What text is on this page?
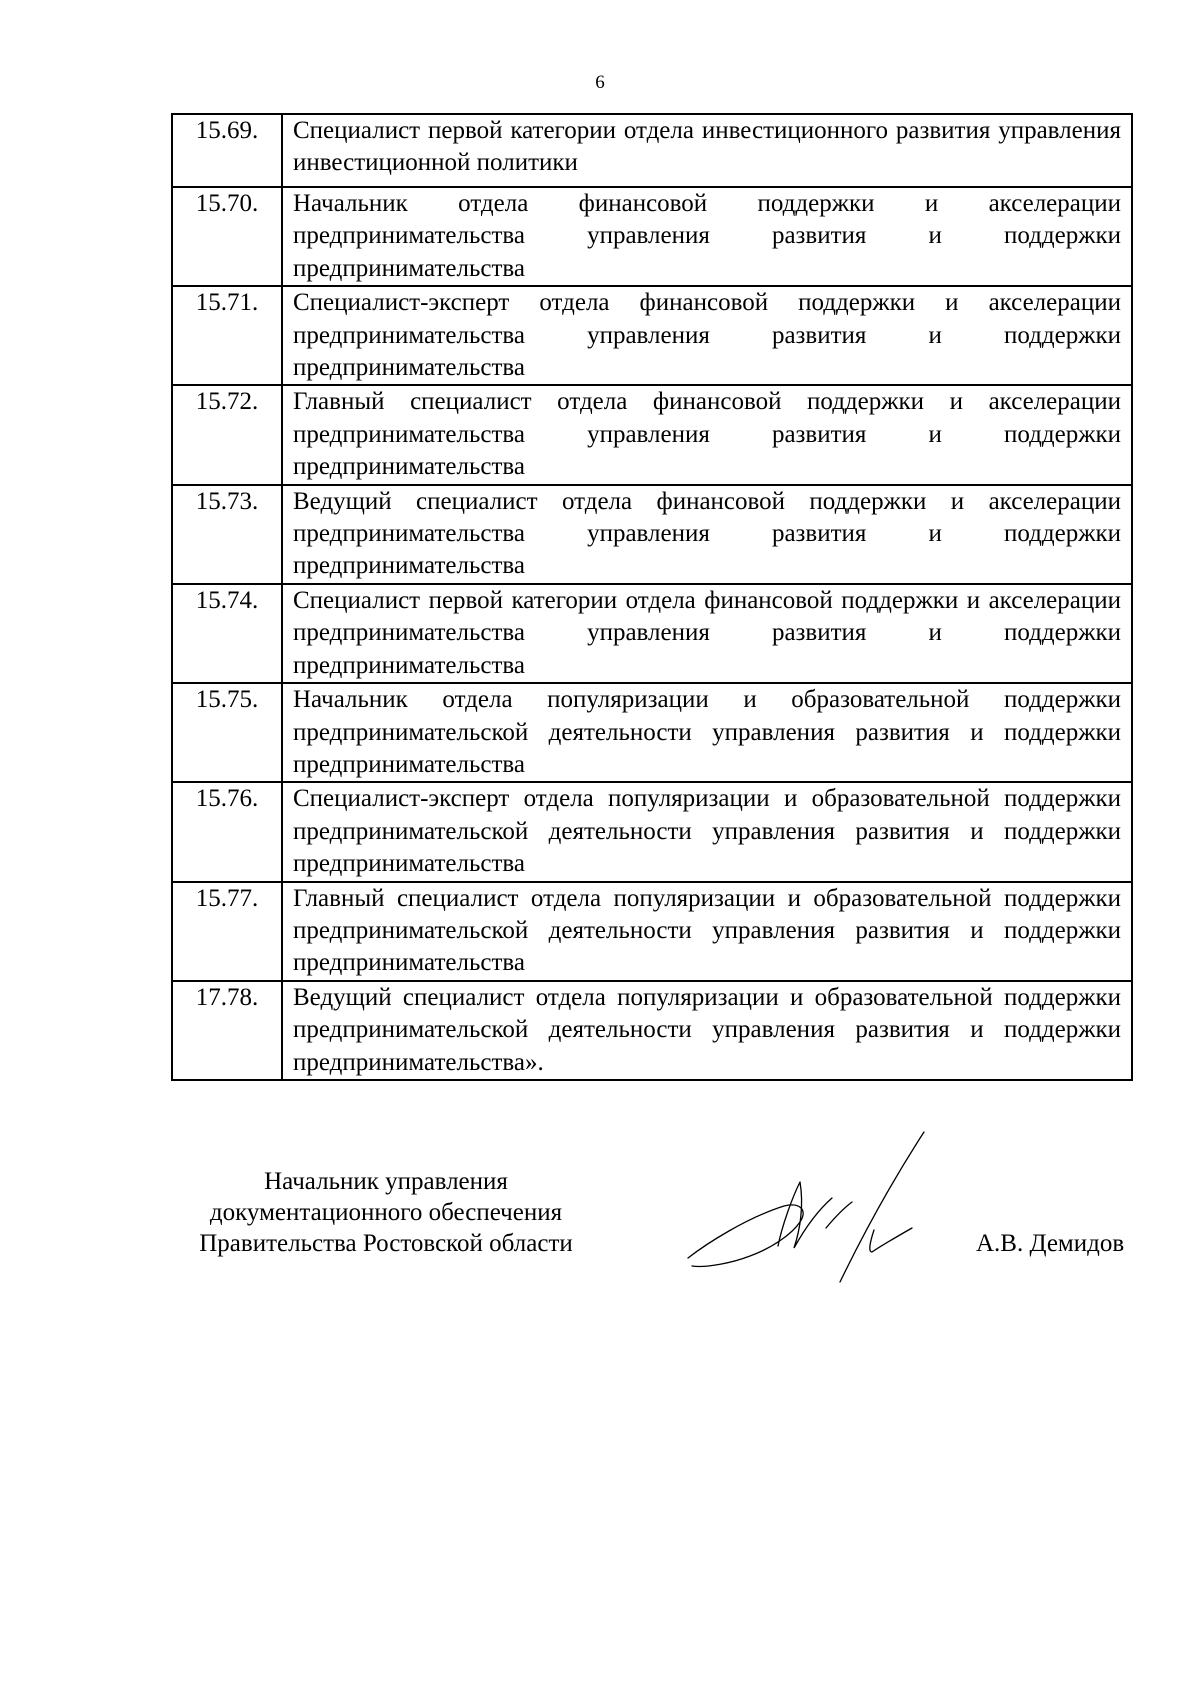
6
15.69.	Специалист первой категории отдела инвестиционного развития управления инвестиционной политики
15.70.	Начальник отдела финансовой поддержки и акселерации предпринимательства управления развития и поддержки предпринимательства
15.71.	Специалист-эксперт отдела финансовой поддержки и акселерации предпринимательства управления развития и поддержки предпринимательства
15.72.	Главный специалист отдела финансовой поддержки и акселерации предпринимательства управления развития и поддержки предпринимательства
15.73.	Ведущий специалист отдела финансовой поддержки и акселерации предпринимательства управления развития и поддержки предпринимательства
15.74.	Специалист первой категории отдела финансовой поддержки и акселерации предпринимательства управления развития и поддержки предпринимательства
15.75.	Начальник отдела популяризации и образовательной поддержки предпринимательской деятельности управления развития и поддержки предпринимательства
15.76.	Специалист-эксперт отдела популяризации и образовательной поддержки предпринимательской деятельности управления развития и поддержки предпринимательства
15.77.	Главный специалист отдела популяризации и образовательной поддержки предпринимательской деятельности управления развития и поддержки предпринимательства
17.78.	Ведущий специалист отдела популяризации и образовательной поддержки предпринимательской деятельности управления развития и поддержки предпринимательства».
Начальник управления
документационного обеспечения
Правительства Ростовской области	А.В. Демидов
